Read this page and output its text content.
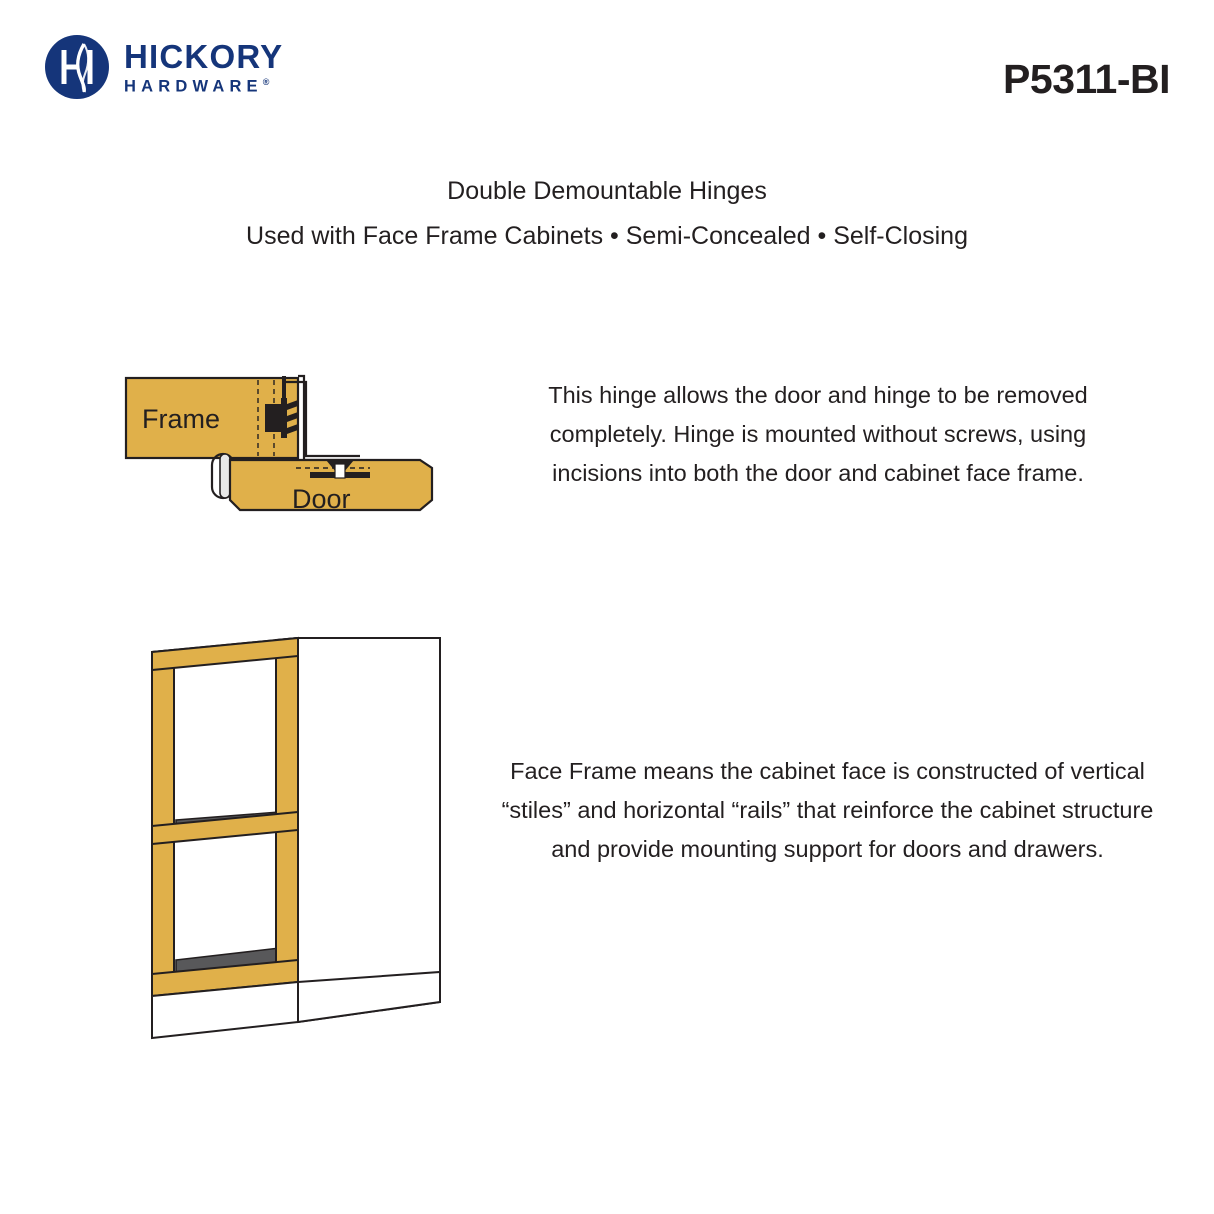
HICKORY
HARDWARE®	P5311-BI
Double Demountable Hinges
Used with Face Frame Cabinets • Semi-Concealed • Self-Closing
Frame
Door
This hinge allows the door and hinge to be removed completely. Hinge is mounted without screws, using incisions into both the door and cabinet face frame.
Face Frame means the cabinet face is constructed of vertical “stiles” and horizontal “rails” that reinforce the cabinet structure and provide mounting support for doors and drawers.
